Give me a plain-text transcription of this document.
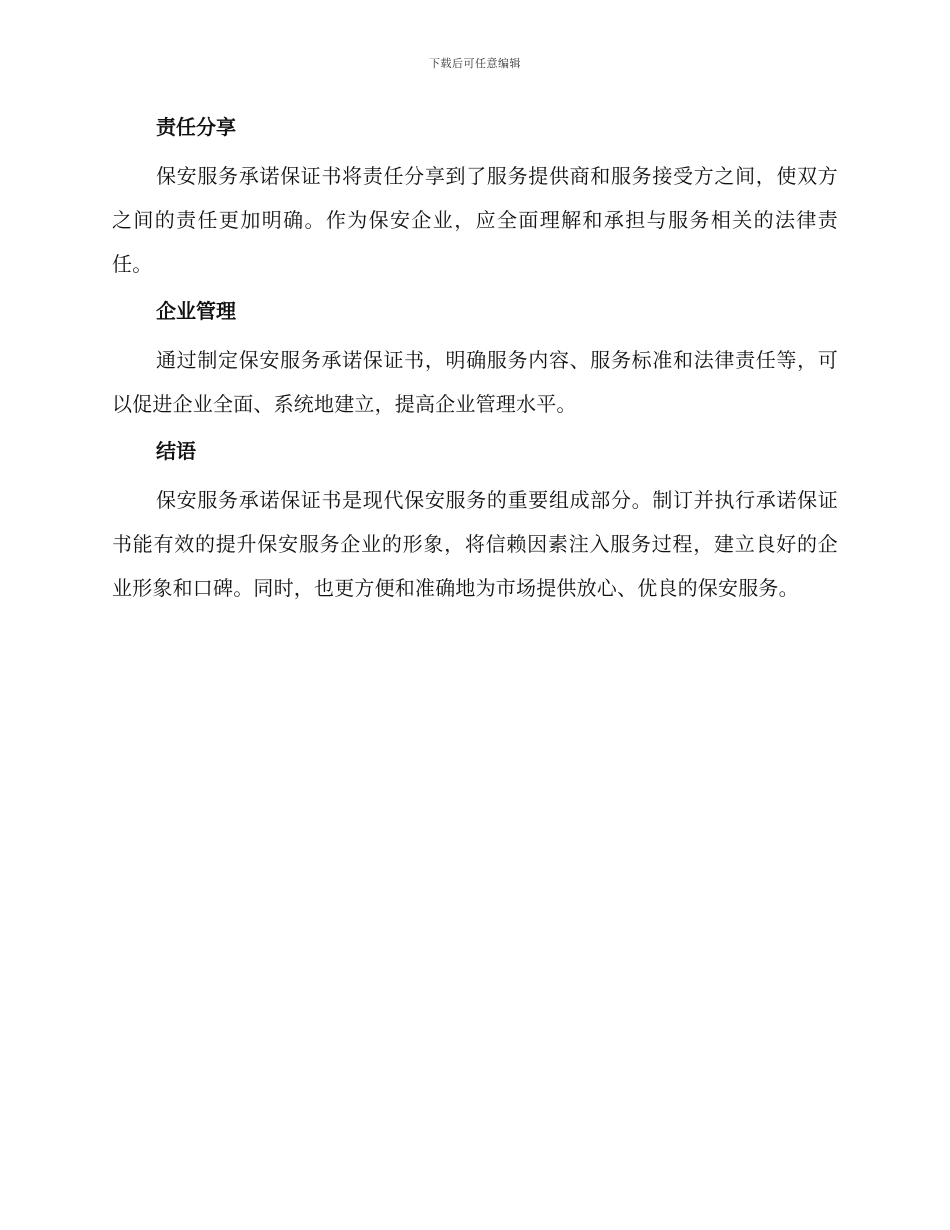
下载后可任意编辑
责任分享

保安服务承诺保证书将责任分享到了服务提供商和服务接受方之间，使双方之间的责任更加明确。作为保安企业，应全面理解和承担与服务相关的法律责任。

企业管理

通过制定保安服务承诺保证书，明确服务内容、服务标准和法律责任等，可以促进企业全面、系统地建立，提高企业管理水平。

结语

保安服务承诺保证书是现代保安服务的重要组成部分。制订并执行承诺保证书能有效的提升保安服务企业的形象，将信赖因素注入服务过程，建立良好的企业形象和口碑。同时，也更方便和准确地为市场提供放心、优良的保安服务。
